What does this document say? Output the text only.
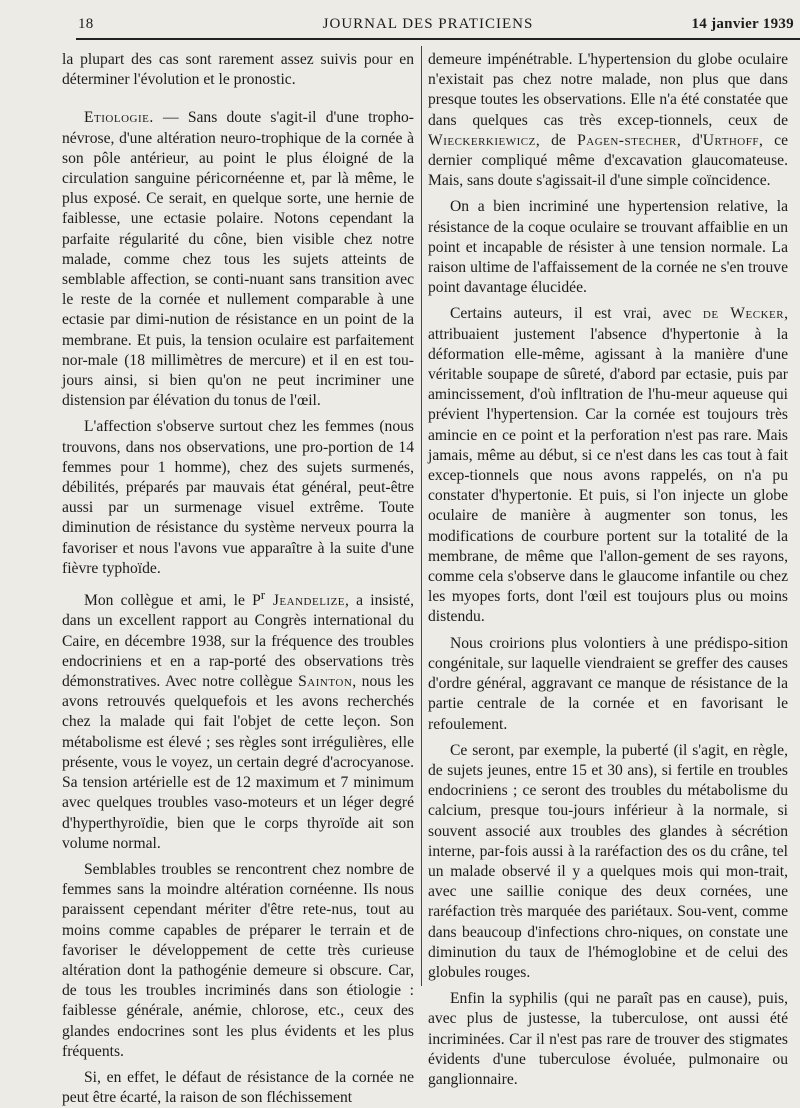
18	JOURNAL DES PRATICIENS	14 janvier 1939

la plupart des cas sont rarement assez suivis pour en déterminer l'évolution et le pronostic.

Etiologie. — Sans doute s'agit-il d'une tropho-névrose, d'une altération neuro-trophique de la cornée à son pôle antérieur, au point le plus éloigné de la circulation sanguine péricornéenne et, par là même, le plus exposé. Ce serait, en quelque sorte, une hernie de faiblesse, une ectasie polaire. Notons cependant la parfaite régularité du cône, bien visible chez notre malade, comme chez tous les sujets atteints de semblable affection, se conti-nuant sans transition avec le reste de la cornée et nullement comparable à une ectasie par dimi-nution de résistance en un point de la membrane. Et puis, la tension oculaire est parfaitement nor-male (18 millimètres de mercure) et il en est tou-jours ainsi, si bien qu'on ne peut incriminer une distension par élévation du tonus de l'œil.

L'affection s'observe surtout chez les femmes (nous trouvons, dans nos observations, une pro-portion de 14 femmes pour 1 homme), chez des sujets surmenés, débilités, préparés par mauvais état général, peut-être aussi par un surmenage visuel extrême. Toute diminution de résistance du système nerveux pourra la favoriser et nous l'avons vue apparaître à la suite d'une fièvre typhoïde.

Mon collègue et ami, le $P^r$ Jeandelize, a insisté, dans un excellent rapport au Congrès international du Caire, en décembre 1938, sur la fréquence des troubles endocriniens et en a rap-porté des observations très démonstratives. Avec notre collègue Sainton, nous les avons retrouvés quelquefois et les avons recherchés chez la malade qui fait l'objet de cette leçon. Son métabolisme est élevé ; ses règles sont irrégulières, elle présente, vous le voyez, un certain degré d'acrocyanose. Sa tension artérielle est de 12 maximum et 7 minimum avec quelques troubles vaso-moteurs et un léger degré d'hyperthyroïdie, bien que le corps thyroïde ait son volume normal.

Semblables troubles se rencontrent chez nombre de femmes sans la moindre altération cornéenne. Ils nous paraissent cependant mériter d'être rete-nus, tout au moins comme capables de préparer le terrain et de favoriser le développement de cette très curieuse altération dont la pathogénie demeure si obscure. Car, de tous les troubles incriminés dans son étiologie : faiblesse générale, anémie, chlorose, etc., ceux des glandes endocrines sont les plus évidents et les plus fréquents.

Si, en effet, le défaut de résistance de la cornée ne peut être écarté, la raison de son fléchissement

demeure impénétrable. L'hypertension du globe oculaire n'existait pas chez notre malade, non plus que dans presque toutes les observations. Elle n'a été constatée que dans quelques cas très excep-tionnels, ceux de Wieckerkiewicz, de Pagen-stecher, d'Urthoff, ce dernier compliqué même d'excavation glaucomateuse. Mais, sans doute s'agissait-il d'une simple coïncidence.

On a bien incriminé une hypertension relative, la résistance de la coque oculaire se trouvant affaiblie en un point et incapable de résister à une tension normale. La raison ultime de l'affaissement de la cornée ne s'en trouve point davantage élucidée.

Certains auteurs, il est vrai, avec de Wecker, attribuaient justement l'absence d'hypertonie à la déformation elle-même, agissant à la manière d'une véritable soupape de sûreté, d'abord par ectasie, puis par amincissement, d'où infltration de l'hu-meur aqueuse qui prévient l'hypertension. Car la cornée est toujours très amincie en ce point et la perforation n'est pas rare. Mais jamais, même au début, si ce n'est dans les cas tout à fait excep-tionnels que nous avons rappelés, on n'a pu constater d'hypertonie. Et puis, si l'on injecte un globe oculaire de manière à augmenter son tonus, les modifications de courbure portent sur la totalité de la membrane, de même que l'allon-gement de ses rayons, comme cela s'observe dans le glaucome infantile ou chez les myopes forts, dont l'œil est toujours plus ou moins distendu.

Nous croirions plus volontiers à une prédispo-sition congénitale, sur laquelle viendraient se greffer des causes d'ordre général, aggravant ce manque de résistance de la partie centrale de la cornée et en favorisant le refoulement.

Ce seront, par exemple, la puberté (il s'agit, en règle, de sujets jeunes, entre 15 et 30 ans), si fertile en troubles endocriniens ; ce seront des troubles du métabolisme du calcium, presque tou-jours inférieur à la normale, si souvent associé aux troubles des glandes à sécrétion interne, par-fois aussi à la raréfaction des os du crâne, tel un malade observé il y a quelques mois qui mon-trait, avec une saillie conique des deux cornées, une raréfaction très marquée des pariétaux. Sou-vent, comme dans beaucoup d'infections chro-niques, on constate une diminution du taux de l'hémoglobine et de celui des globules rouges.

Enfin la syphilis (qui ne paraît pas en cause), puis, avec plus de justesse, la tuberculose, ont aussi été incriminées. Car il n'est pas rare de trouver des stigmates évidents d'une tuberculose évoluée, pulmonaire ou ganglionnaire.
